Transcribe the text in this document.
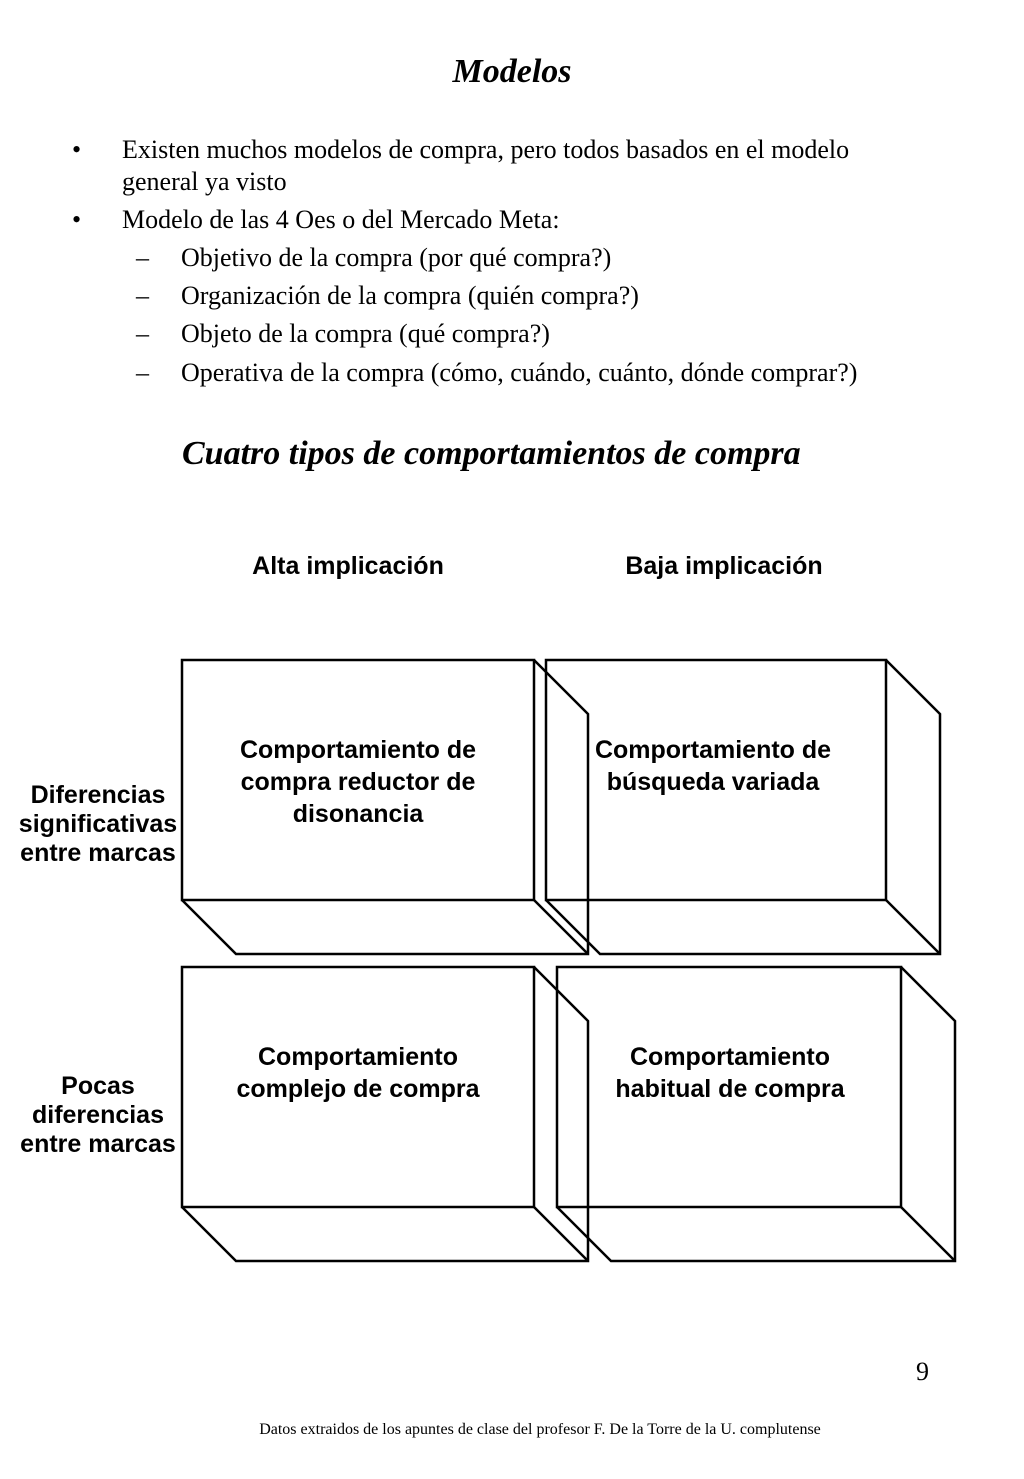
Modelos
• Existen muchos modelos de compra, pero todos basados en el modelo general ya visto
• Modelo de las 4 Oes o del Mercado Meta:
– Objetivo de la compra (por qué compra?)
– Organización de la compra (quién compra?)
– Objeto de la compra (qué compra?)
– Operativa de la compra (cómo, cuándo, cuánto, dónde comprar?)
Cuatro tipos de comportamientos de compra
Alta implicación	Baja implicación
Diferencias significativas entre marcas
Pocas diferencias entre marcas
Comportamiento de compra reductor de disonancia
Comportamiento de búsqueda variada
Comportamiento complejo de compra
Comportamiento habitual de compra
9
Datos extraidos de los apuntes de clase del profesor F. De la Torre de la U. complutense
